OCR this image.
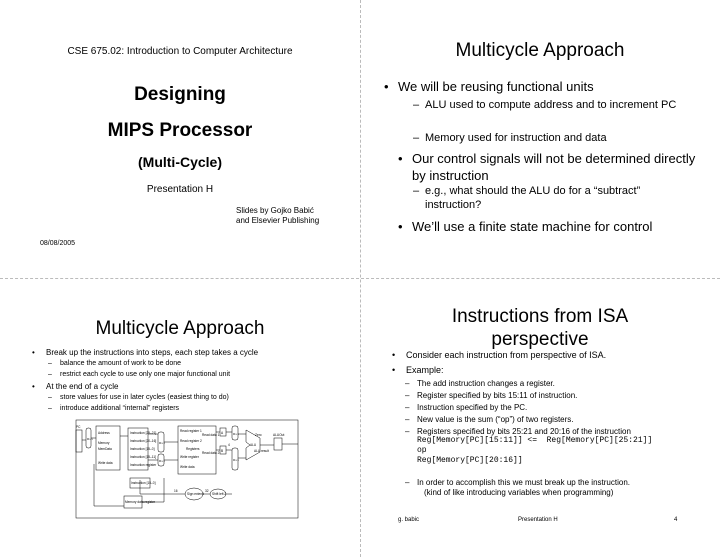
CSE 675.02: Introduction to Computer Architecture
Designing
MIPS Processor
(Multi-Cycle)
Presentation H
Slides by Gojko Babić
and Elsevier Publishing
08/08/2005
Multicycle Approach
We will be reusing functional units
– ALU used to compute address and to increment PC
– Memory used for instruction and data
• Our control signals will not be determined directly by instruction
– e.g., what should the ALU do for a “subtract” instruction?
• We’ll use a finite state machine for control
Multicycle Approach
• Break up the instructions into steps, each step takes a cycle
– balance the amount of work to be done
– restrict each cycle to use only one major functional unit
• At the end of a cycle
– store values for use in later cycles (easiest thing to do)
– introduce additional “internal” registers
PC
Address
Memory
MemData
Write data
Instruction [25–21]
Instruction [20–16]
Instruction [15–0]
Instruction [15–11]
Instruction register
Instruction [15–0]
Memory data register
Read register 1
Read register 2
Registers
Write register
Write data
Read data 1
Read data 2
A
B
ALU
ALU result
Zero	ALUOut
Sign extend	Shift left 2
16	32
4
M u x
M u x
M u x
M u x
M u x
Instructions from ISA
perspective
• Consider each instruction from perspective of ISA.
• Example:
– The add instruction changes a register.
– Register specified by bits 15:11 of instruction.
– Instruction specified by the PC.
– New value is the sum (“op”) of two registers.
– Registers specified by bits 25:21 and 20:16 of the instruction
Reg[Memory[PC][15:11]] <=  Reg[Memory[PC][25:21]]
op
Reg[Memory[PC][20:16]]
– In order to accomplish this we must break up the instruction.
(kind of like introducing variables when programming)
g. babic	Presentation H	4
